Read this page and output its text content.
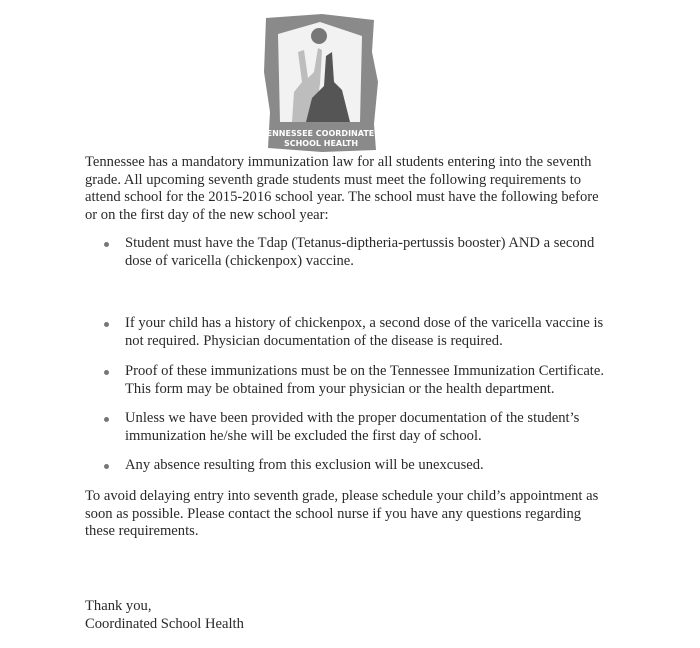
TENNESSEE COORDINATED
SCHOOL HEALTH
Tennessee has a mandatory immunization law for all students entering into the seventh
grade. All upcoming seventh grade students must meet the following requirements to
attend school for the 2015-2016 school year. The school must have the following before
or on the first day of the new school year:
Student must have the Tdap (Tetanus-diptheria-pertussis booster) AND a second
dose of varicella (chickenpox) vaccine.
If your child has a history of chickenpox, a second dose of the varicella vaccine is
not required. Physician documentation of the disease is required.
Proof of these immunizations must be on the Tennessee Immunization Certificate.
This form may be obtained from your physician or the health department.
Unless we have been provided with the proper documentation of the student’s
immunization he/she will be excluded the first day of school.
Any absence resulting from this exclusion will be unexcused.
To avoid delaying entry into seventh grade, please schedule your child’s appointment as
soon as possible. Please contact the school nurse if you have any questions regarding
these requirements.
Thank you,
Coordinated School Health
